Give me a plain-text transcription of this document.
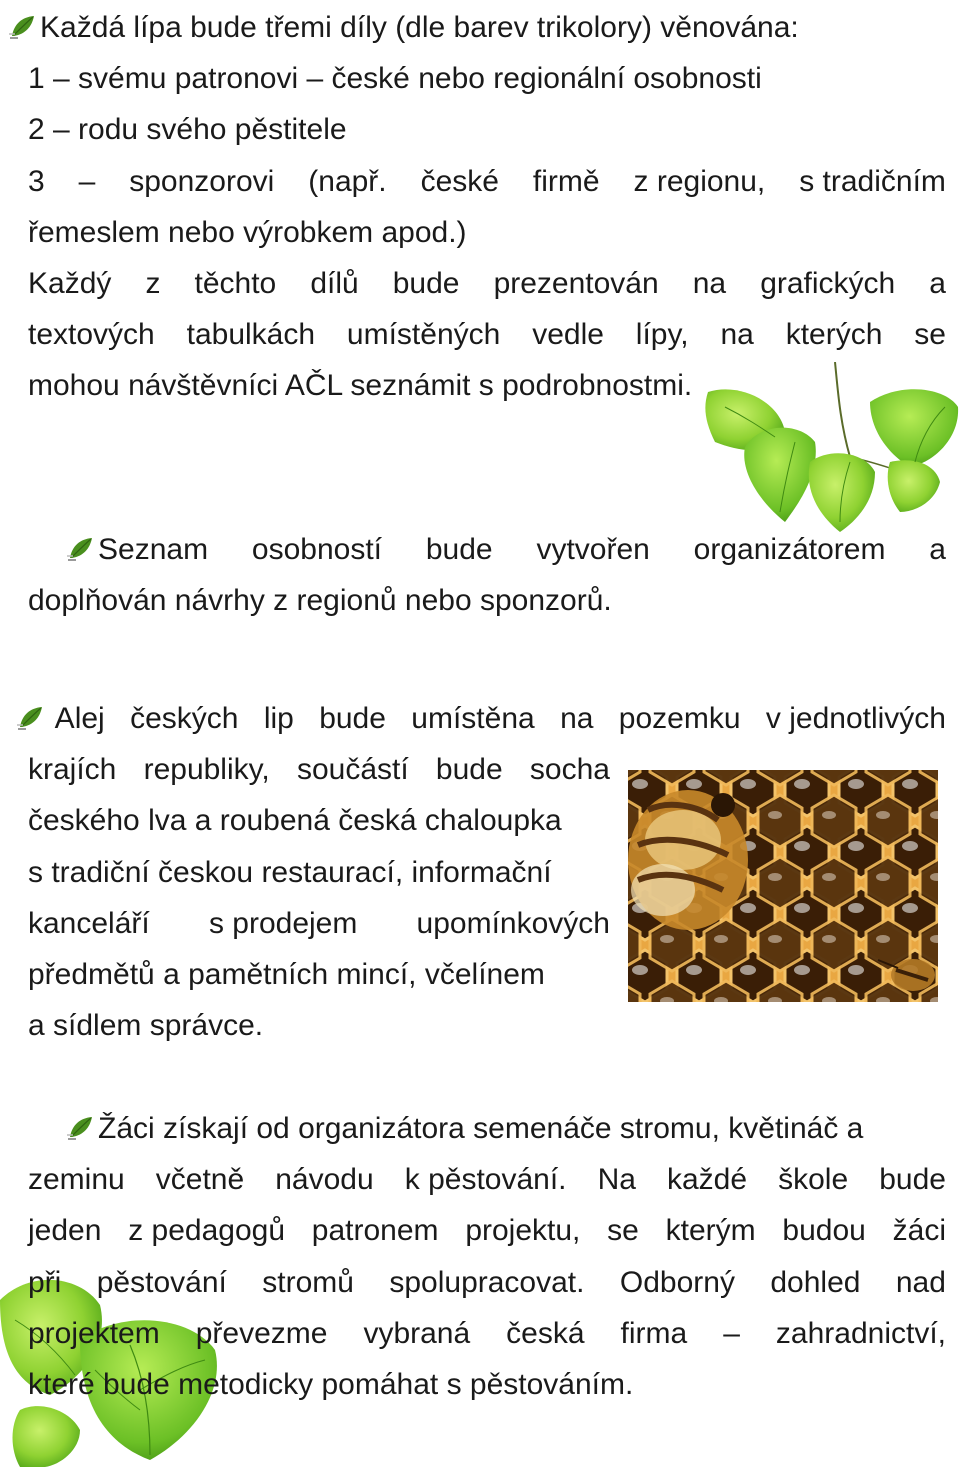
Každá lípa bude třemi díly (dle barev trikolory) věnována:
1 – svému patronovi – české nebo regionální osobnosti
2 – rodu svého pěstitele
3 – sponzorovi (např. české firmě z regionu, s tradičním
řemeslem nebo výrobkem apod.)
Každý z těchto dílů bude prezentován na grafických a
textových tabulkách umístěných vedle lípy, na kterých se
mohou návštěvníci AČL seznámit s podrobnostmi.
Seznam osobností bude vytvořen organizátorem a
doplňován návrhy z regionů nebo sponzorů.
Alej českých lip bude umístěna na pozemku v jednotlivých
krajích republiky, součástí bude socha
českého lva a roubená česká chaloupka
s tradiční českou restaurací, informační
kanceláří s prodejem upomínkových
předmětů a pamětních mincí, včelínem
a sídlem správce.
Žáci získají od organizátora semenáče stromu, květináč a
zeminu včetně návodu k pěstování. Na každé škole bude
jeden z pedagogů patronem projektu, se kterým budou žáci
při pěstování stromů spolupracovat. Odborný dohled nad
projektem převezme vybraná česká firma – zahradnictví,
které bude metodicky pomáhat s pěstováním.
